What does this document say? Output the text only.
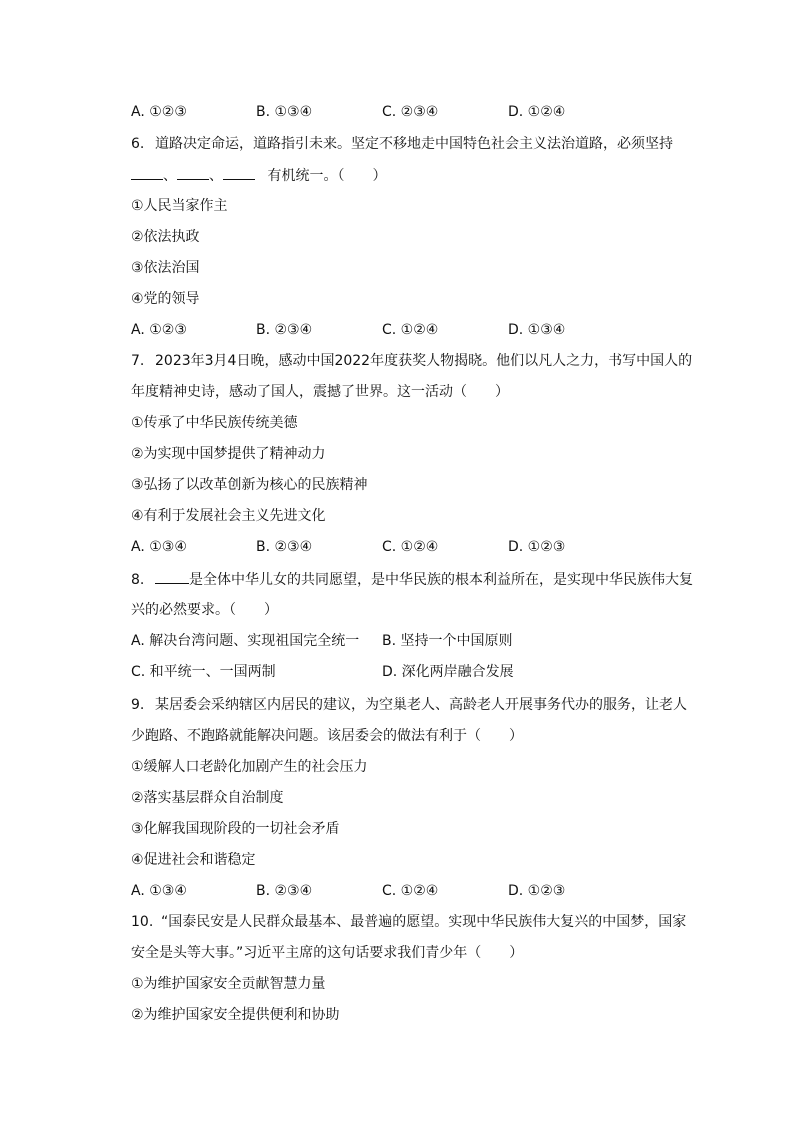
A. ①②③	B. ①③④	C. ②③④	D. ①②④
6. 道路决定命运，道路指引未来。坚定不移地走中国特色社会主义法治道路，必须坚持
、 、	有机统一。（　　）
①人民当家作主
②依法执政
③依法治国
④党的领导
A. ①②③	B. ②③④	C. ①②④	D. ①③④
7. 2023年3月4日晚，感动中国2022年度获奖人物揭晓。他们以凡人之力，书写中国人的
年度精神史诗，感动了国人，震撼了世界。这一活动（　　）
①传承了中华民族传统美德
②为实现中国梦提供了精神动力
③弘扬了以改革创新为核心的民族精神
④有利于发展社会主义先进文化
A. ①③④	B. ②③④	C. ①②④	D. ①②③
8.	是全体中华儿女的共同愿望，是中华民族的根本利益所在，是实现中华民族伟大复
兴的必然要求。（　　）
A. 解决台湾问题、实现祖国完全统一 B. 坚持一个中国原则
C. 和平统一、一国两制	D. 深化两岸融合发展
9. 某居委会采纳辖区内居民的建议，为空巢老人、高龄老人开展事务代办的服务，让老人
少跑路、不跑路就能解决问题。该居委会的做法有利于（　　）
①缓解人口老龄化加剧产生的社会压力
②落实基层群众自治制度
③化解我国现阶段的一切社会矛盾
④促进社会和谐稳定
A. ①③④	B. ②③④	C. ①②④	D. ①②③
10. “国泰民安是人民群众最基本、最普遍的愿望。实现中华民族伟大复兴的中国梦，国家
安全是头等大事。”习近平主席的这句话要求我们青少年（　　）
①为维护国家安全贡献智慧力量
②为维护国家安全提供便利和协助
